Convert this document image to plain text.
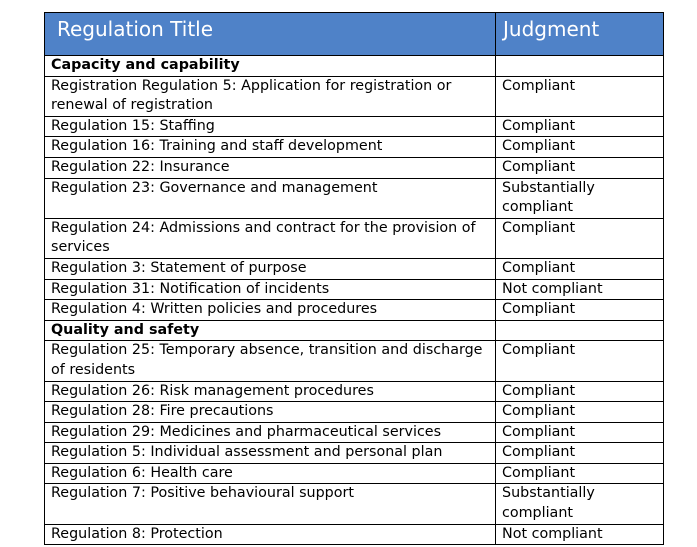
Regulation Title	Judgment
Capacity and capability	
Registration Regulation 5: Application for registration or renewal of registration	Compliant
Regulation 15: Staffing	Compliant
Regulation 16: Training and staff development	Compliant
Regulation 22: Insurance	Compliant
Regulation 23: Governance and management	Substantially compliant
Regulation 24: Admissions and contract for the provision of services	Compliant
Regulation 3: Statement of purpose	Compliant
Regulation 31: Notification of incidents	Not compliant
Regulation 4: Written policies and procedures	Compliant
Quality and safety	
Regulation 25: Temporary absence, transition and discharge of residents	Compliant
Regulation 26: Risk management procedures	Compliant
Regulation 28: Fire precautions	Compliant
Regulation 29: Medicines and pharmaceutical services	Compliant
Regulation 5: Individual assessment and personal plan	Compliant
Regulation 6: Health care	Compliant
Regulation 7: Positive behavioural support	Substantially compliant
Regulation 8: Protection	Not compliant
